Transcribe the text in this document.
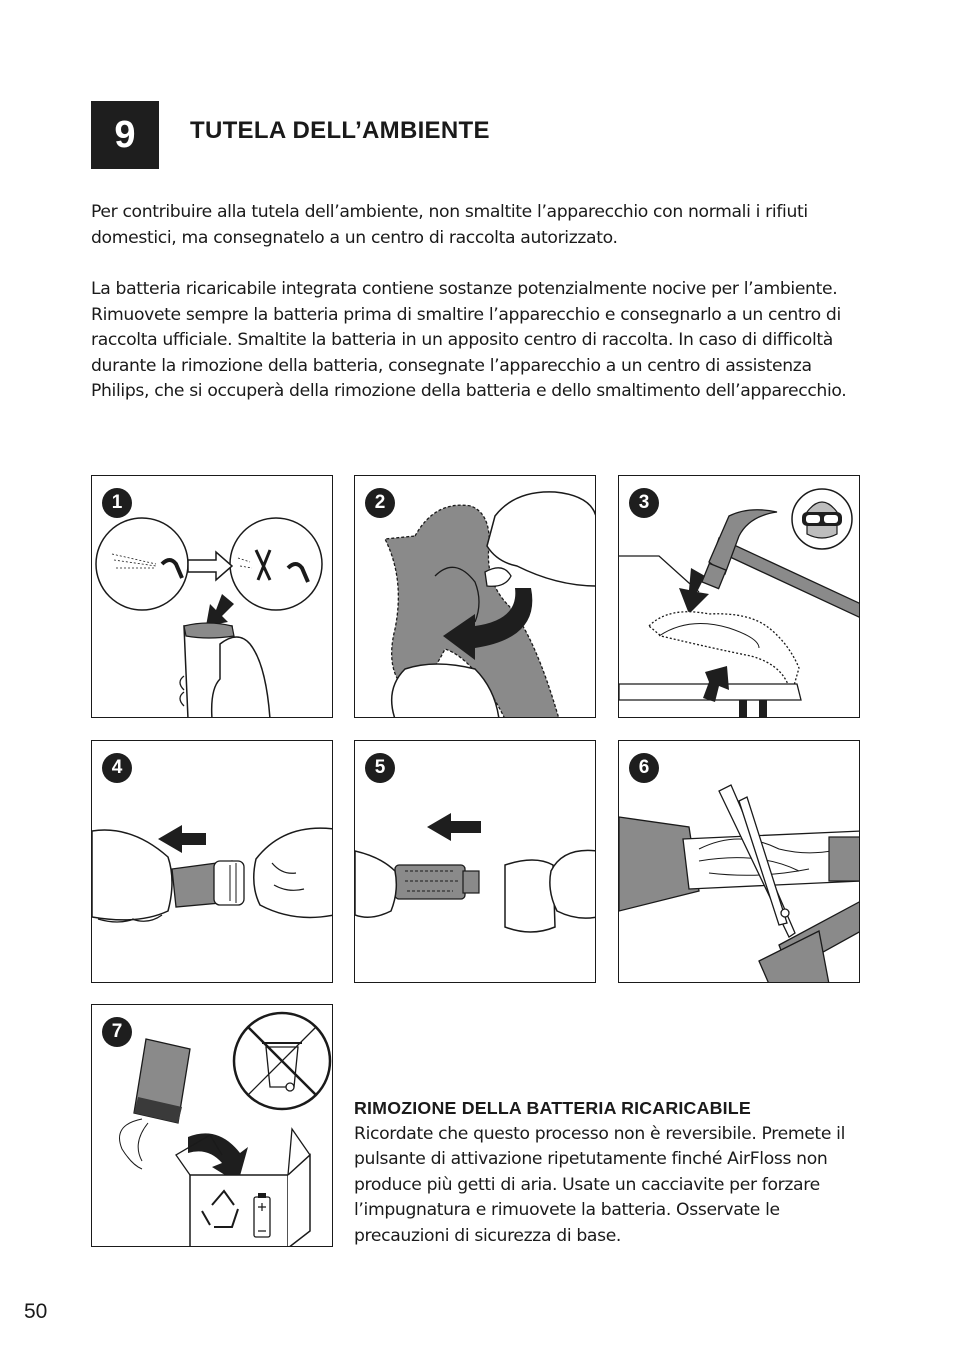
9	TUTELA DELL’AMBIENTE

Per contribuire alla tutela dell’ambiente, non smaltite l’apparecchio con normali i rifiuti domestici, ma consegnatelo a un centro di raccolta autorizzato.

La batteria ricaricabile integrata contiene sostanze potenzialmente nocive per l’ambiente. Rimuovete sempre la batteria prima di smaltire l’apparecchio e consegnarlo a un centro di raccolta ufficiale. Smaltite la batteria in un apposito centro di raccolta. In caso di difficoltà durante la rimozione della batteria, consegnate l’apparecchio a un centro di assistenza Philips, che si occuperà della rimozione della batteria e dello smaltimento dell’apparecchio.

1	2	3
4	5	6
7
RIMOZIONE DELLA BATTERIA RICARICABILE
Ricordate che questo processo non è reversibile. Premete il pulsante di attivazione ripetutamente finché AirFloss non produce più getti di aria. Usate un cacciavite per forzare l’impugnatura e rimuovete la batteria. Osservate le precauzioni di sicurezza di base.
50
